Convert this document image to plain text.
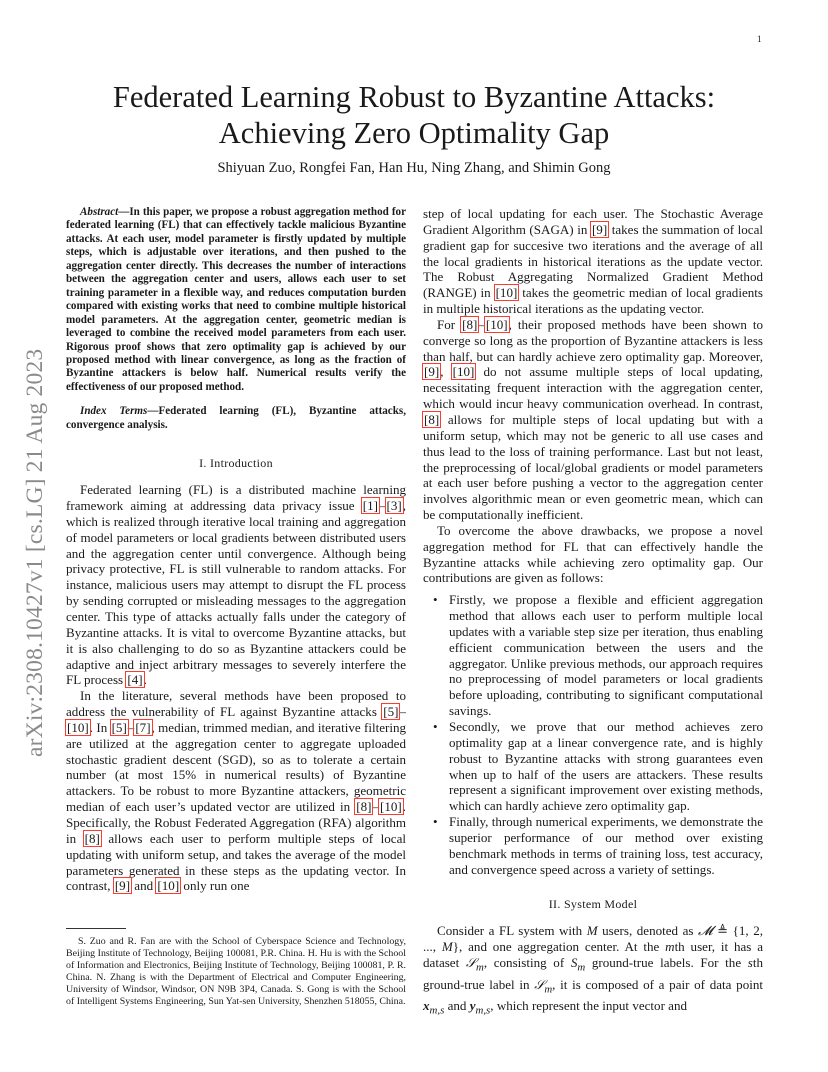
1
arXiv:2308.10427v1 [cs.LG] 21 Aug 2023
Federated Learning Robust to Byzantine Attacks:
Achieving Zero Optimality Gap
Shiyuan Zuo, Rongfei Fan, Han Hu, Ning Zhang, and Shimin Gong

Abstract—In this paper, we propose a robust aggregation method for federated learning (FL) that can effectively tackle malicious Byzantine attacks. At each user, model parameter is firstly updated by multiple steps, which is adjustable over iterations, and then pushed to the aggregation center directly. This decreases the number of interactions between the aggregation center and users, allows each user to set training parameter in a flexible way, and reduces computation burden compared with existing works that need to combine multiple historical model parameters. At the aggregation center, geometric median is leveraged to combine the received model parameters from each user. Rigorous proof shows that zero optimality gap is achieved by our proposed method with linear convergence, as long as the fraction of Byzantine attackers is below half. Numerical results verify the effectiveness of our proposed method.

Index Terms—Federated learning (FL), Byzantine attacks, convergence analysis.

I. Introduction

Federated learning (FL) is a distributed machine learning framework aiming at addressing data privacy issue [1]–[3], which is realized through iterative local training and aggregation of model parameters or local gradients between distributed users and the aggregation center until convergence. Although being privacy protective, FL is still vulnerable to random attacks. For instance, malicious users may attempt to disrupt the FL process by sending corrupted or misleading messages to the aggregation center. This type of attacks actually falls under the category of Byzantine attacks. It is vital to overcome Byzantine attacks, but it is also challenging to do so as Byzantine attackers could be adaptive and inject arbitrary messages to severely interfere the FL process [4].

In the literature, several methods have been proposed to address the vulnerability of FL against Byzantine attacks [5]–[10]. In [5]–[7], median, trimmed median, and iterative filtering are utilized at the aggregation center to aggregate uploaded stochastic gradient descent (SGD), so as to tolerate a certain number (at most 15% in numerical results) of Byzantine attackers. To be robust to more Byzantine attackers, geometric median of each user’s updated vector are utilized in [8]–[10]. Specifically, the Robust Federated Aggregation (RFA) algorithm in [8] allows each user to perform multiple steps of local updating with uniform setup, and takes the average of the model parameters generated in these steps as the updating vector. In contrast, [9] and [10] only run one

S. Zuo and R. Fan are with the School of Cyberspace Science and Technology, Beijing Institute of Technology, Beijing 100081, P.R. China. H. Hu is with the School of Information and Electronics, Beijing Institute of Technology, Beijing 100081, P. R. China. N. Zhang is with the Department of Electrical and Computer Engineering, University of Windsor, Windsor, ON N9B 3P4, Canada. S. Gong is with the School of Intelligent Systems Engineering, Sun Yat-sen University, Shenzhen 518055, China.

step of local updating for each user. The Stochastic Average Gradient Algorithm (SAGA) in [9] takes the summation of local gradient gap for succesive two iterations and the average of all the local gradients in historical iterations as the update vector. The Robust Aggregating Normalized Gradient Method (RANGE) in [10] takes the geometric median of local gradients in multiple historical iterations as the updating vector.

For [8]–[10], their proposed methods have been shown to converge so long as the proportion of Byzantine attackers is less than half, but can hardly achieve zero optimality gap. Moreover, [9], [10] do not assume multiple steps of local updating, necessitating frequent interaction with the aggregation center, which would incur heavy communication overhead. In contrast, [8] allows for multiple steps of local updating but with a uniform setup, which may not be generic to all use cases and thus lead to the loss of training performance. Last but not least, the preprocessing of local/global gradients or model parameters at each user before pushing a vector to the aggregation center involves algorithmic mean or even geometric mean, which can be computationally inefficient.

To overcome the above drawbacks, we propose a novel aggregation method for FL that can effectively handle the Byzantine attacks while achieving zero optimality gap. Our contributions are given as follows:

• Firstly, we propose a flexible and efficient aggregation method that allows each user to perform multiple local updates with a variable step size per iteration, thus enabling efficient communication between the users and the aggregator. Unlike previous methods, our approach requires no preprocessing of model parameters or local gradients before uploading, contributing to significant computational savings.
• Secondly, we prove that our method achieves zero optimality gap at a linear convergence rate, and is highly robust to Byzantine attacks with strong guarantees even when up to half of the users are attackers. These results represent a significant improvement over existing methods, which can hardly achieve zero optimality gap.
• Finally, through numerical experiments, we demonstrate the superior performance of our method over existing benchmark methods in terms of training loss, test accuracy, and convergence speed across a variety of settings.
II. System Model

Consider a FL system with M users, denoted as 𝓜 ≜ {1, 2, ..., M}, and one aggregation center. At the mth user, it has a dataset 𝒮$_m$, consisting of $S_m$ ground-true labels. For the sth ground-true label in 𝒮$_m$, it is composed of a pair of data point $x_{m,s}$ and $y_{m,s}$, which represent the input vector and
